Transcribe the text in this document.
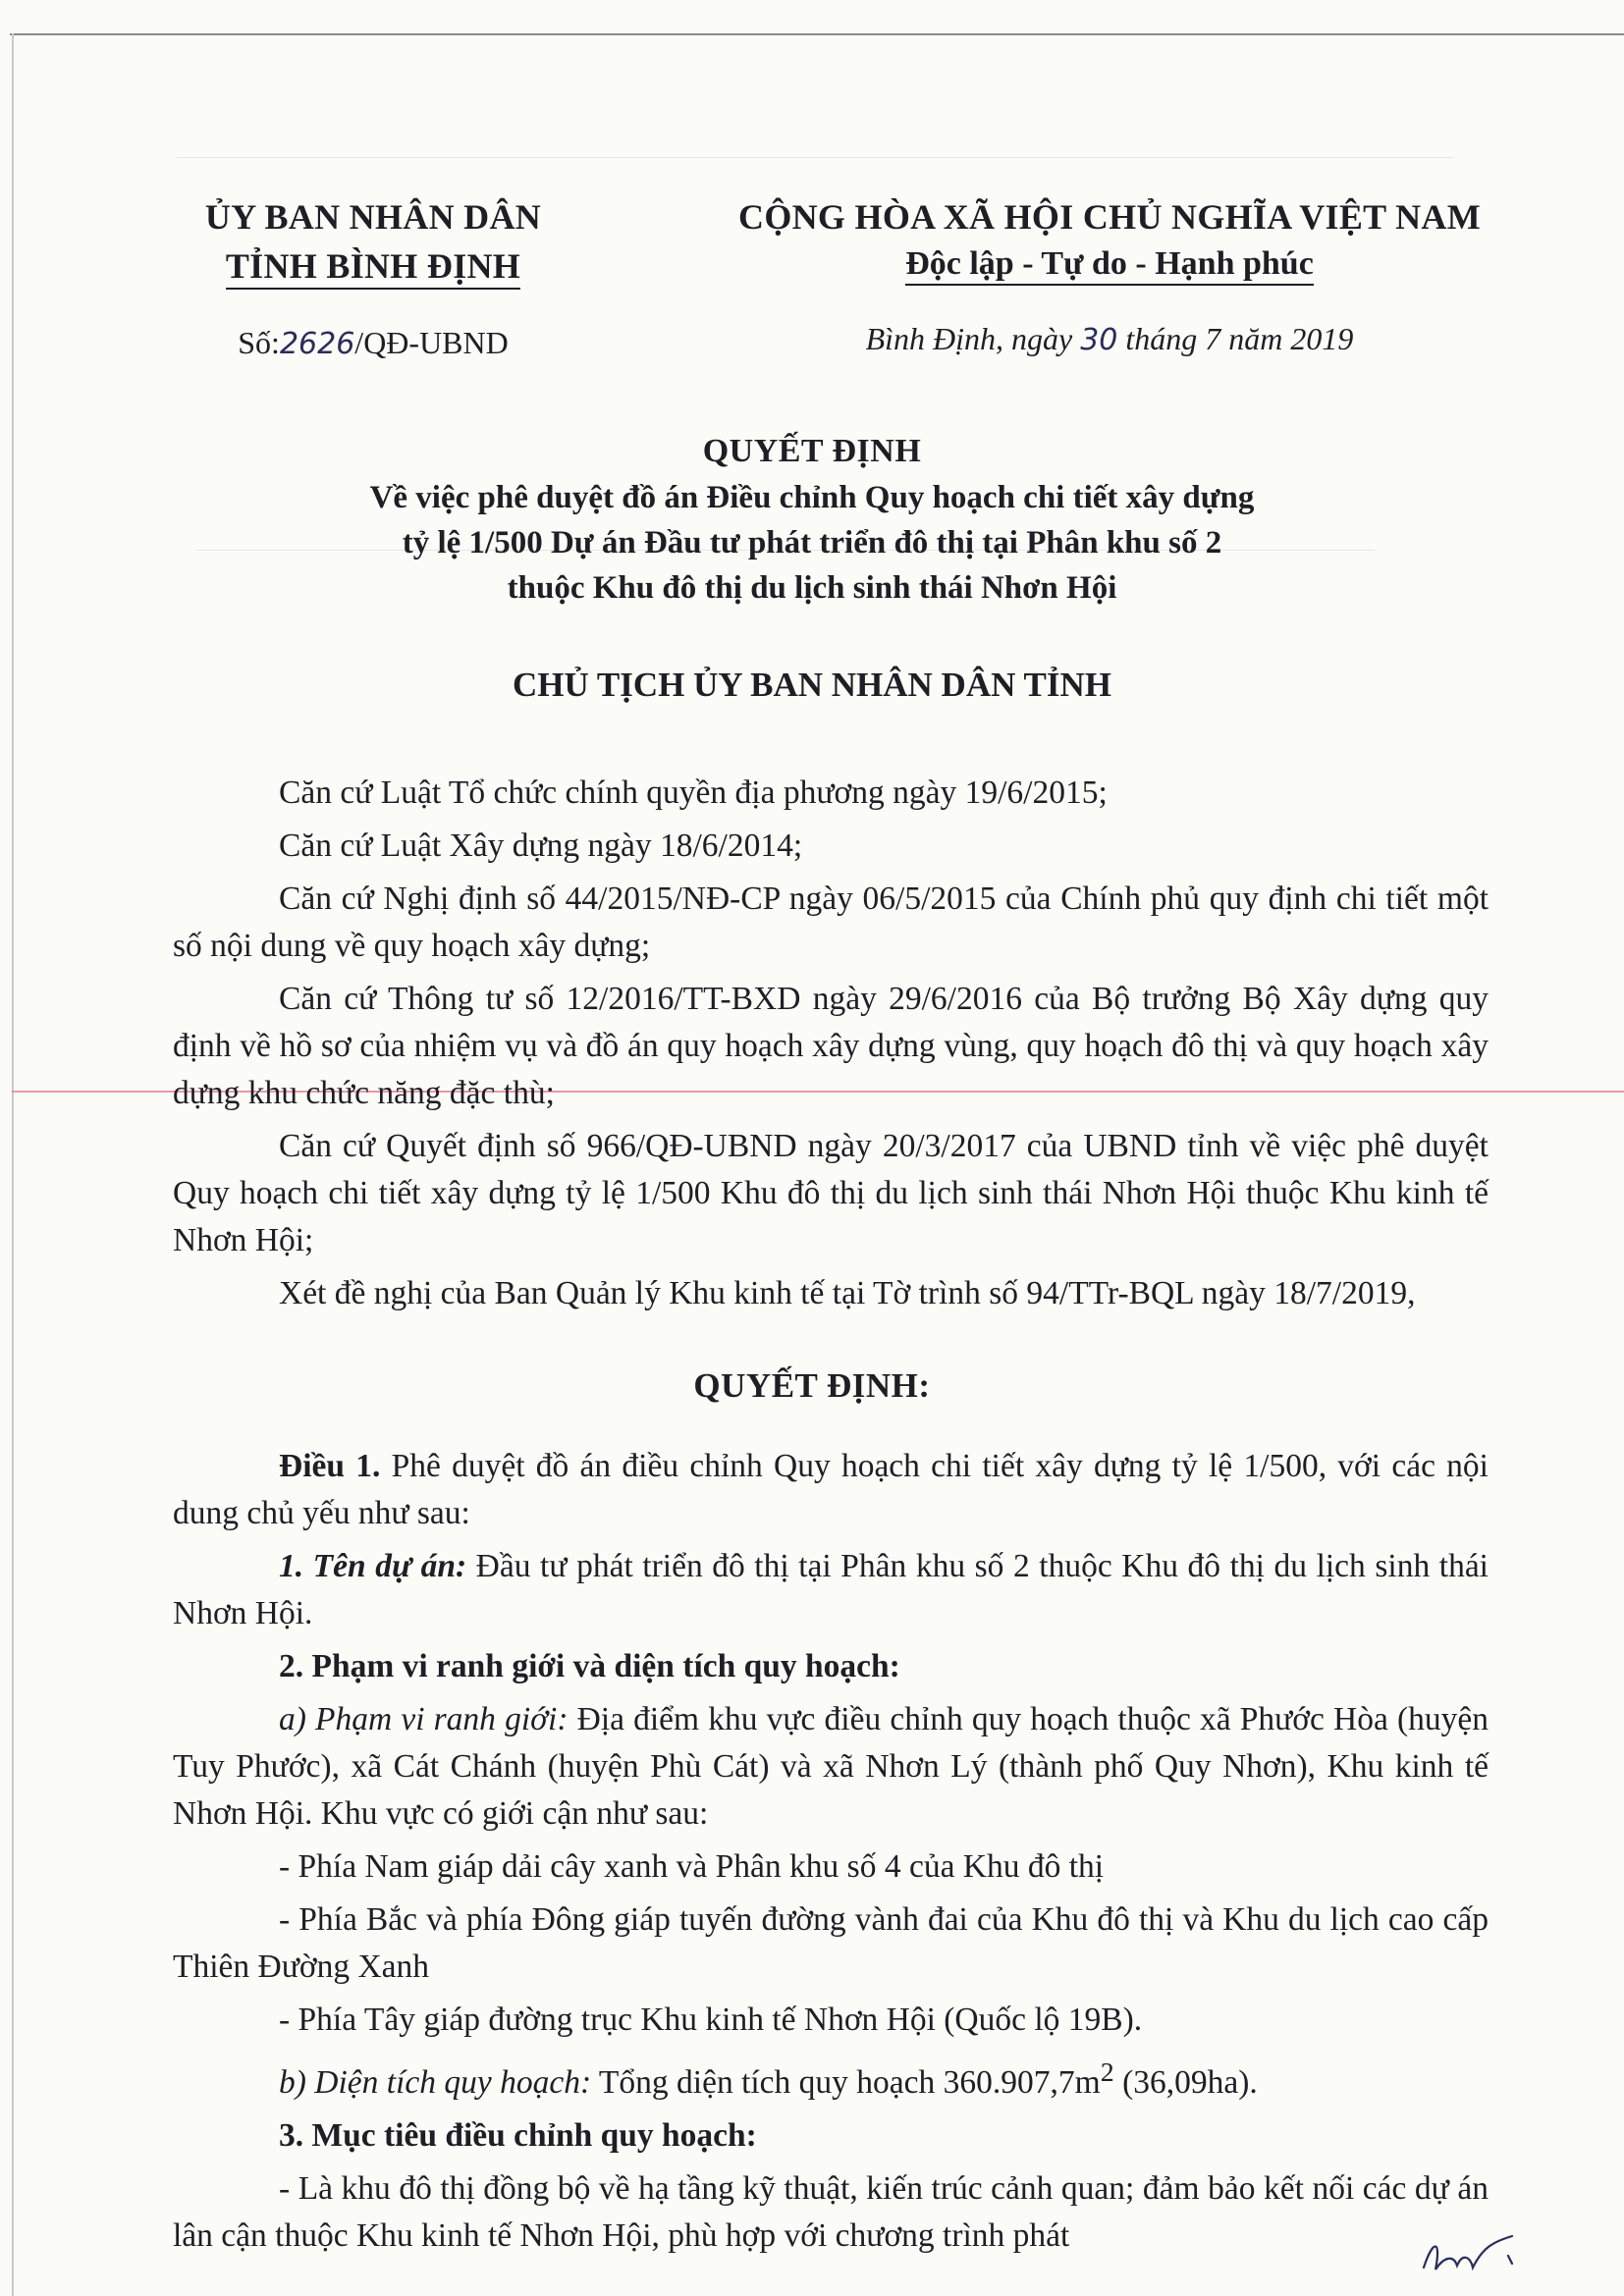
ỦY BAN NHÂN DÂN
TỈNH BÌNH ĐỊNH
Số:2626/QĐ-UBND
CỘNG HÒA XÃ HỘI CHỦ NGHĨA VIỆT NAM
Độc lập - Tự do - Hạnh phúc
Bình Định, ngày 30 tháng 7 năm 2019
QUYẾT ĐỊNH
Về việc phê duyệt đồ án Điều chỉnh Quy hoạch chi tiết xây dựng
tỷ lệ 1/500 Dự án Đầu tư phát triển đô thị tại Phân khu số 2
thuộc Khu đô thị du lịch sinh thái Nhơn Hội
CHỦ TỊCH ỦY BAN NHÂN DÂN TỈNH

Căn cứ Luật Tổ chức chính quyền địa phương ngày 19/6/2015;

Căn cứ Luật Xây dựng ngày 18/6/2014;

Căn cứ Nghị định số 44/2015/NĐ-CP ngày 06/5/2015 của Chính phủ quy định chi tiết một số nội dung về quy hoạch xây dựng;

Căn cứ Thông tư số 12/2016/TT-BXD ngày 29/6/2016 của Bộ trưởng Bộ Xây dựng quy định về hồ sơ của nhiệm vụ và đồ án quy hoạch xây dựng vùng, quy hoạch đô thị và quy hoạch xây dựng khu chức năng đặc thù;

Căn cứ Quyết định số 966/QĐ-UBND ngày 20/3/2017 của UBND tỉnh về việc phê duyệt Quy hoạch chi tiết xây dựng tỷ lệ 1/500 Khu đô thị du lịch sinh thái Nhơn Hội thuộc Khu kinh tế Nhơn Hội;

Xét đề nghị của Ban Quản lý Khu kinh tế tại Tờ trình số 94/TTr-BQL ngày 18/7/2019,

QUYẾT ĐỊNH:

Điều 1. Phê duyệt đồ án điều chỉnh Quy hoạch chi tiết xây dựng tỷ lệ 1/500, với các nội dung chủ yếu như sau:

1. Tên dự án: Đầu tư phát triển đô thị tại Phân khu số 2 thuộc Khu đô thị du lịch sinh thái Nhơn Hội.

2. Phạm vi ranh giới và diện tích quy hoạch:

a) Phạm vi ranh giới: Địa điểm khu vực điều chỉnh quy hoạch thuộc xã Phước Hòa (huyện Tuy Phước), xã Cát Chánh (huyện Phù Cát) và xã Nhơn Lý (thành phố Quy Nhơn), Khu kinh tế Nhơn Hội. Khu vực có giới cận như sau:

- Phía Nam giáp dải cây xanh và Phân khu số 4 của Khu đô thị

- Phía Bắc và phía Đông giáp tuyến đường vành đai của Khu đô thị và Khu du lịch cao cấp Thiên Đường Xanh

- Phía Tây giáp đường trục Khu kinh tế Nhơn Hội (Quốc lộ 19B).

b) Diện tích quy hoạch: Tổng diện tích quy hoạch $360.907,7m^2$ (36,09ha).

3. Mục tiêu điều chỉnh quy hoạch:

- Là khu đô thị đồng bộ về hạ tầng kỹ thuật, kiến trúc cảnh quan; đảm bảo kết nối các dự án lân cận thuộc Khu kinh tế Nhơn Hội, phù hợp với chương trình phát
